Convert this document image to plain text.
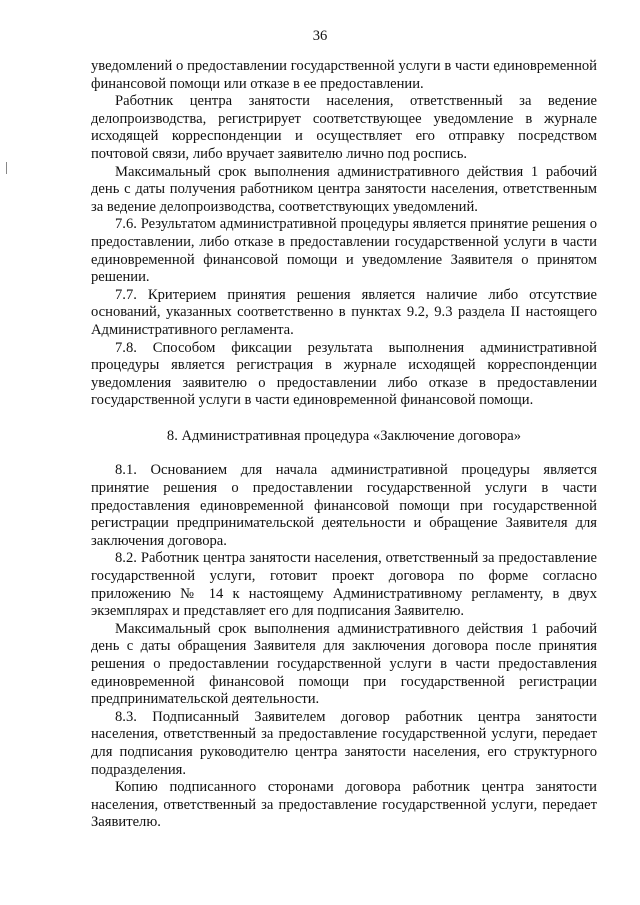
36

уведомлений о предоставлении государственной услуги в части единовременной финансовой помощи или отказе в ее предоставлении.

Работник центра занятости населения, ответственный за ведение делопроизводства, регистрирует соответствующее уведомление в журнале исходящей корреспонденции и осуществляет его отправку посредством почтовой связи, либо вручает заявителю лично под роспись.

Максимальный срок выполнения административного действия 1 рабочий день с даты получения работником центра занятости населения, ответственным за ведение делопроизводства, соответствующих уведомлений.

7.6. Результатом административной процедуры является принятие решения о предоставлении, либо отказе в предоставлении государственной услуги в части единовременной финансовой помощи и уведомление Заявителя о принятом решении.

7.7. Критерием принятия решения является наличие либо отсутствие оснований, указанных соответственно в пунктах 9.2, 9.3 раздела II настоящего Административного регламента.

7.8. Способом фиксации результата выполнения административной процедуры является регистрация в журнале исходящей корреспонденции уведомления заявителю о предоставлении либо отказе в предоставлении государственной услуги в части единовременной финансовой помощи.

8. Административная процедура «Заключение договора»

8.1. Основанием для начала административной процедуры является принятие решения о предоставлении государственной услуги в части предоставления единовременной финансовой помощи при государственной регистрации предпринимательской деятельности и обращение Заявителя для заключения договора.

8.2. Работник центра занятости населения, ответственный за предоставление государственной услуги, готовит проект договора по форме согласно приложению № 14 к настоящему Административному регламенту, в двух экземплярах и представляет его для подписания Заявителю.

Максимальный срок выполнения административного действия 1 рабочий день с даты обращения Заявителя для заключения договора после принятия решения о предоставлении государственной услуги в части предоставления единовременной финансовой помощи при государственной регистрации предпринимательской деятельности.

8.3. Подписанный Заявителем договор работник центра занятости населения, ответственный за предоставление государственной услуги, передает для подписания руководителю центра занятости населения, его структурного подразделения.

Копию подписанного сторонами договора работник центра занятости населения, ответственный за предоставление государственной услуги, передает Заявителю.
